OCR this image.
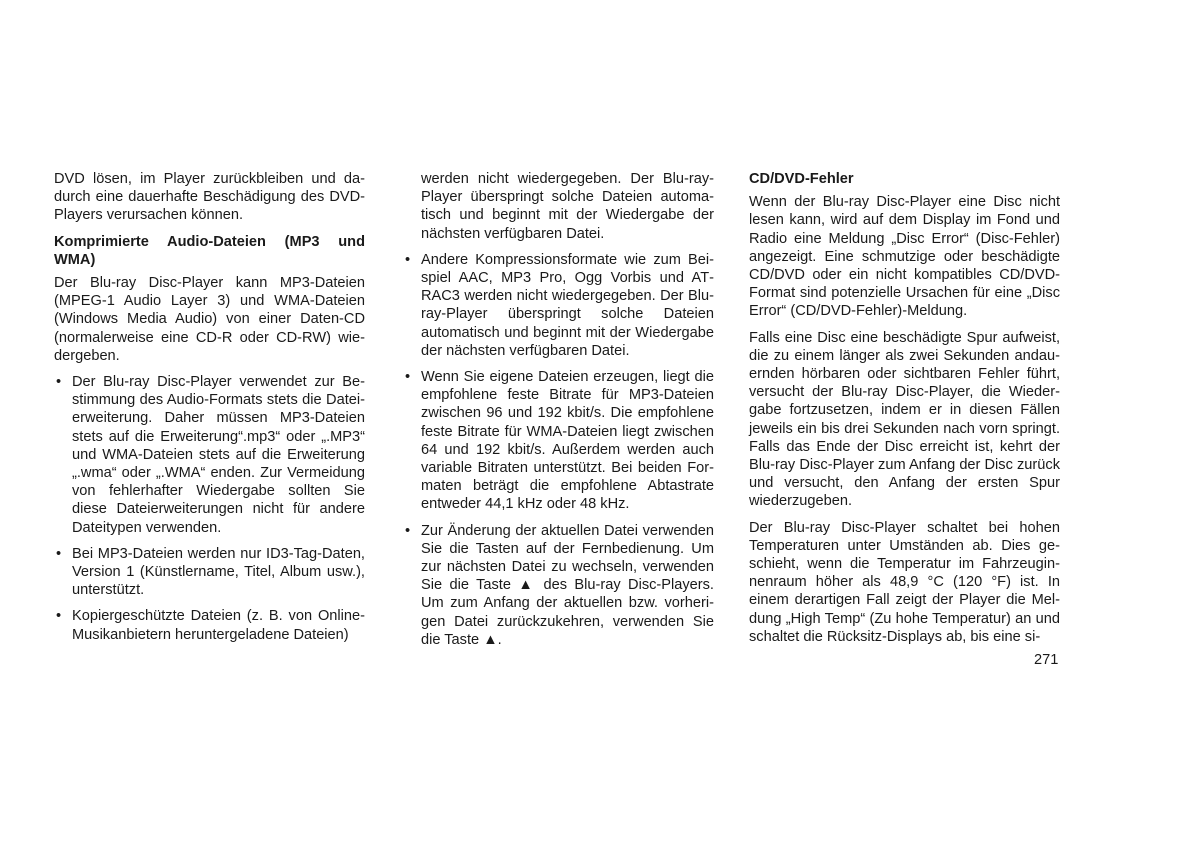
DVD lösen, im Player zurückbleiben und dadurch eine dauerhafte Beschädigung des DVD-Players verursachen können.

Komprimierte Audio-Dateien (MP3 und WMA)

Der Blu-ray Disc-Player kann MP3-Dateien (MPEG-1 Audio Layer 3) und WMA-Dateien (Windows Media Audio) von einer Daten-CD (normalerweise eine CD-R oder CD-RW) wiedergeben.

• Der Blu-ray Disc-Player verwendet zur Bestimmung des Audio-Formats stets die Dateierweiterung. Daher müssen MP3-Dateien stets auf die Erweiterung“.mp3“ oder „.MP3“ und WMA-Dateien stets auf die Erweiterung „.wma“ oder „.WMA“ enden. Zur Vermeidung von fehlerhafter Wiedergabe sollten Sie diese Dateierweiterungen nicht für andere Dateitypen verwenden.
• Bei MP3-Dateien werden nur ID3-Tag-Daten, Version 1 (Künstlername, Titel, Album usw.), unterstützt.
• Kopiergeschützte Dateien (z. B. von Online-Musikanbietern heruntergeladene Dateien)

werden nicht wiedergegeben. Der Blu-ray-Player überspringt solche Dateien automatisch und beginnt mit der Wiedergabe der nächsten verfügbaren Datei.

• Andere Kompressionsformate wie zum Beispiel AAC, MP3 Pro, Ogg Vorbis und ATRAC3 werden nicht wiedergegeben. Der Bluray-Player überspringt solche Dateien automatisch und beginnt mit der Wiedergabe der nächsten verfügbaren Datei.
• Wenn Sie eigene Dateien erzeugen, liegt die empfohlene feste Bitrate für MP3-Dateien zwischen 96 und 192 kbit/s. Die empfohlene feste Bitrate für WMA-Dateien liegt zwischen 64 und 192 kbit/s. Außerdem werden auch variable Bitraten unterstützt. Bei beiden Formaten beträgt die empfohlene Abtastrate entweder 44,1 kHz oder 48 kHz.
• Zur Änderung der aktuellen Datei verwenden Sie die Tasten auf der Fernbedienung. Um zur nächsten Datei zu wechseln, verwenden Sie die Taste ▲ des Blu-ray Disc-Players. Um zum Anfang der aktuellen bzw. vorherigen Datei zurückzukehren, verwenden Sie die Taste ▲.
CD/DVD-Fehler

Wenn der Blu-ray Disc-Player eine Disc nicht lesen kann, wird auf dem Display im Fond und Radio eine Meldung „Disc Error“ (Disc-Fehler) angezeigt. Eine schmutzige oder beschädigte CD/DVD oder ein nicht kompatibles CD/DVD-Format sind potenzielle Ursachen für eine „Disc Error“ (CD/DVD-Fehler)-Meldung.

Falls eine Disc eine beschädigte Spur aufweist, die zu einem länger als zwei Sekunden andauernden hörbaren oder sichtbaren Fehler führt, versucht der Blu-ray Disc-Player, die Wiedergabe fortzusetzen, indem er in diesen Fällen jeweils ein bis drei Sekunden nach vorn springt. Falls das Ende der Disc erreicht ist, kehrt der Blu-ray Disc-Player zum Anfang der Disc zurück und versucht, den Anfang der ersten Spur wiederzugeben.

Der Blu-ray Disc-Player schaltet bei hohen Temperaturen unter Umständen ab. Dies geschieht, wenn die Temperatur im Fahrzeuginnenraum höher als 48,9 °C (120 °F) ist. In einem derartigen Fall zeigt der Player die Meldung „High Temp“ (Zu hohe Temperatur) an und schaltet die Rücksitz-Displays ab, bis eine si-

271
